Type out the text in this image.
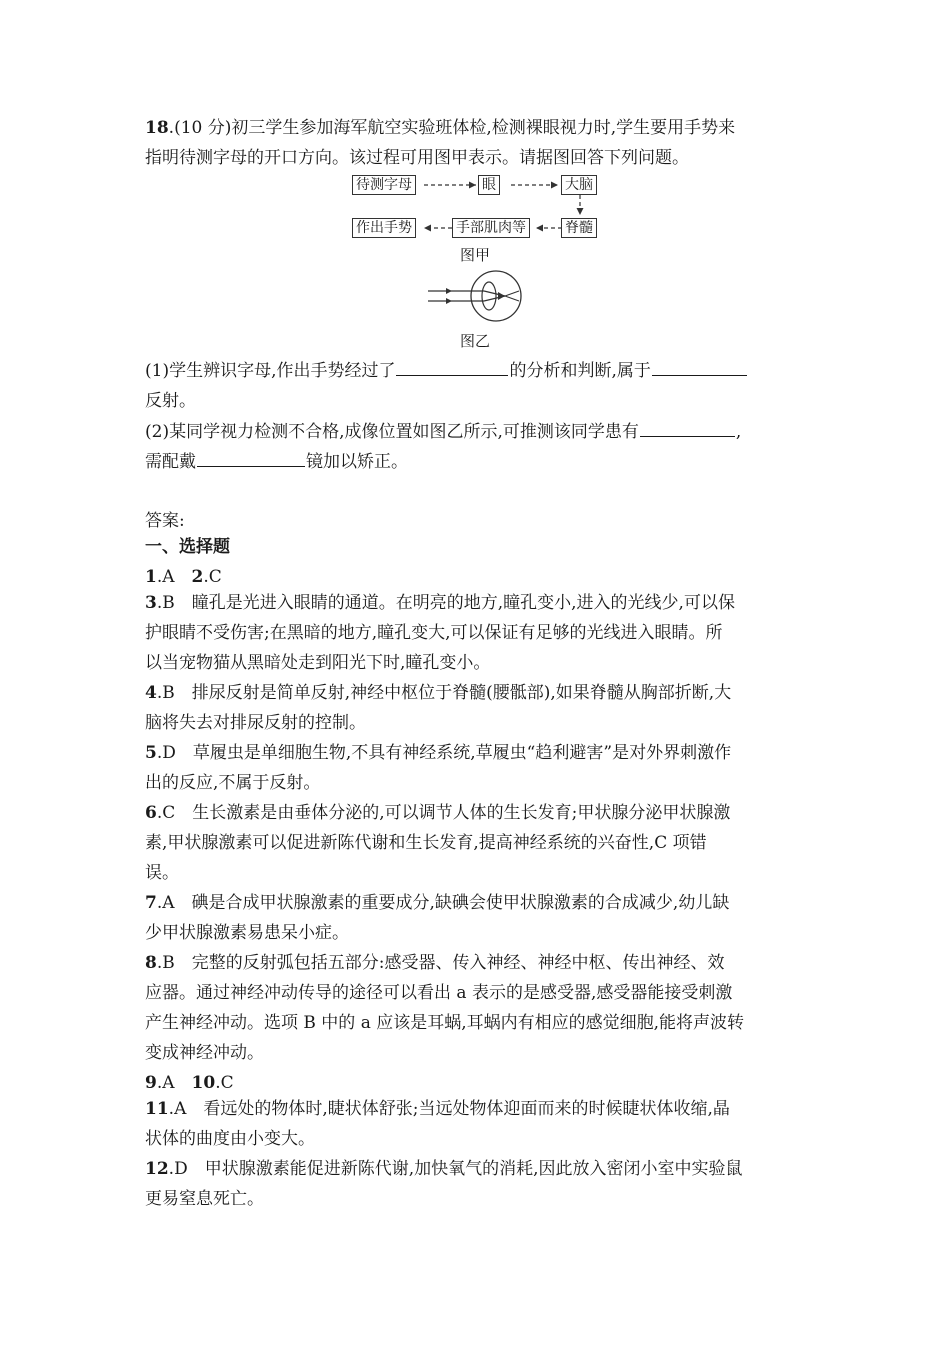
18.(10 分)初三学生参加海军航空实验班体检,检测裸眼视力时,学生要用手势来
指明待测字母的开口方向。该过程可用图甲表示。请据图回答下列问题。
待测字母	眼	大脑
脊髓
手部肌肉等
作出手势
图甲
图乙
(1)学生辨识字母,作出手势经过了	的分析和判断,属于
反射。
(2)某同学视力检测不合格,成像位置如图乙所示,可推测该同学患有	,
需配戴	镜加以矫正。
答案:
一、选择题
1.A　2.C
3.B　瞳孔是光进入眼睛的通道。在明亮的地方,瞳孔变小,进入的光线少,可以保
护眼睛不受伤害;在黑暗的地方,瞳孔变大,可以保证有足够的光线进入眼睛。所
以当宠物猫从黑暗处走到阳光下时,瞳孔变小。
4.B　排尿反射是简单反射,神经中枢位于脊髓(腰骶部),如果脊髓从胸部折断,大
脑将失去对排尿反射的控制。
5.D　草履虫是单细胞生物,不具有神经系统,草履虫“趋利避害”是对外界刺激作
出的反应,不属于反射。
6.C　生长激素是由垂体分泌的,可以调节人体的生长发育;甲状腺分泌甲状腺激
素,甲状腺激素可以促进新陈代谢和生长发育,提高神经系统的兴奋性,C 项错
误。
7.A　碘是合成甲状腺激素的重要成分,缺碘会使甲状腺激素的合成减少,幼儿缺
少甲状腺激素易患呆小症。
8.B　完整的反射弧包括五部分:感受器、传入神经、神经中枢、传出神经、效
应器。通过神经冲动传导的途径可以看出 a 表示的是感受器,感受器能接受刺激
产生神经冲动。选项 B 中的 a 应该是耳蜗,耳蜗内有相应的感觉细胞,能将声波转
变成神经冲动。
9.A　10.C
11.A　看远处的物体时,睫状体舒张;当远处物体迎面而来的时候睫状体收缩,晶
状体的曲度由小变大。
12.D　甲状腺激素能促进新陈代谢,加快氧气的消耗,因此放入密闭小室中实验鼠
更易窒息死亡。
